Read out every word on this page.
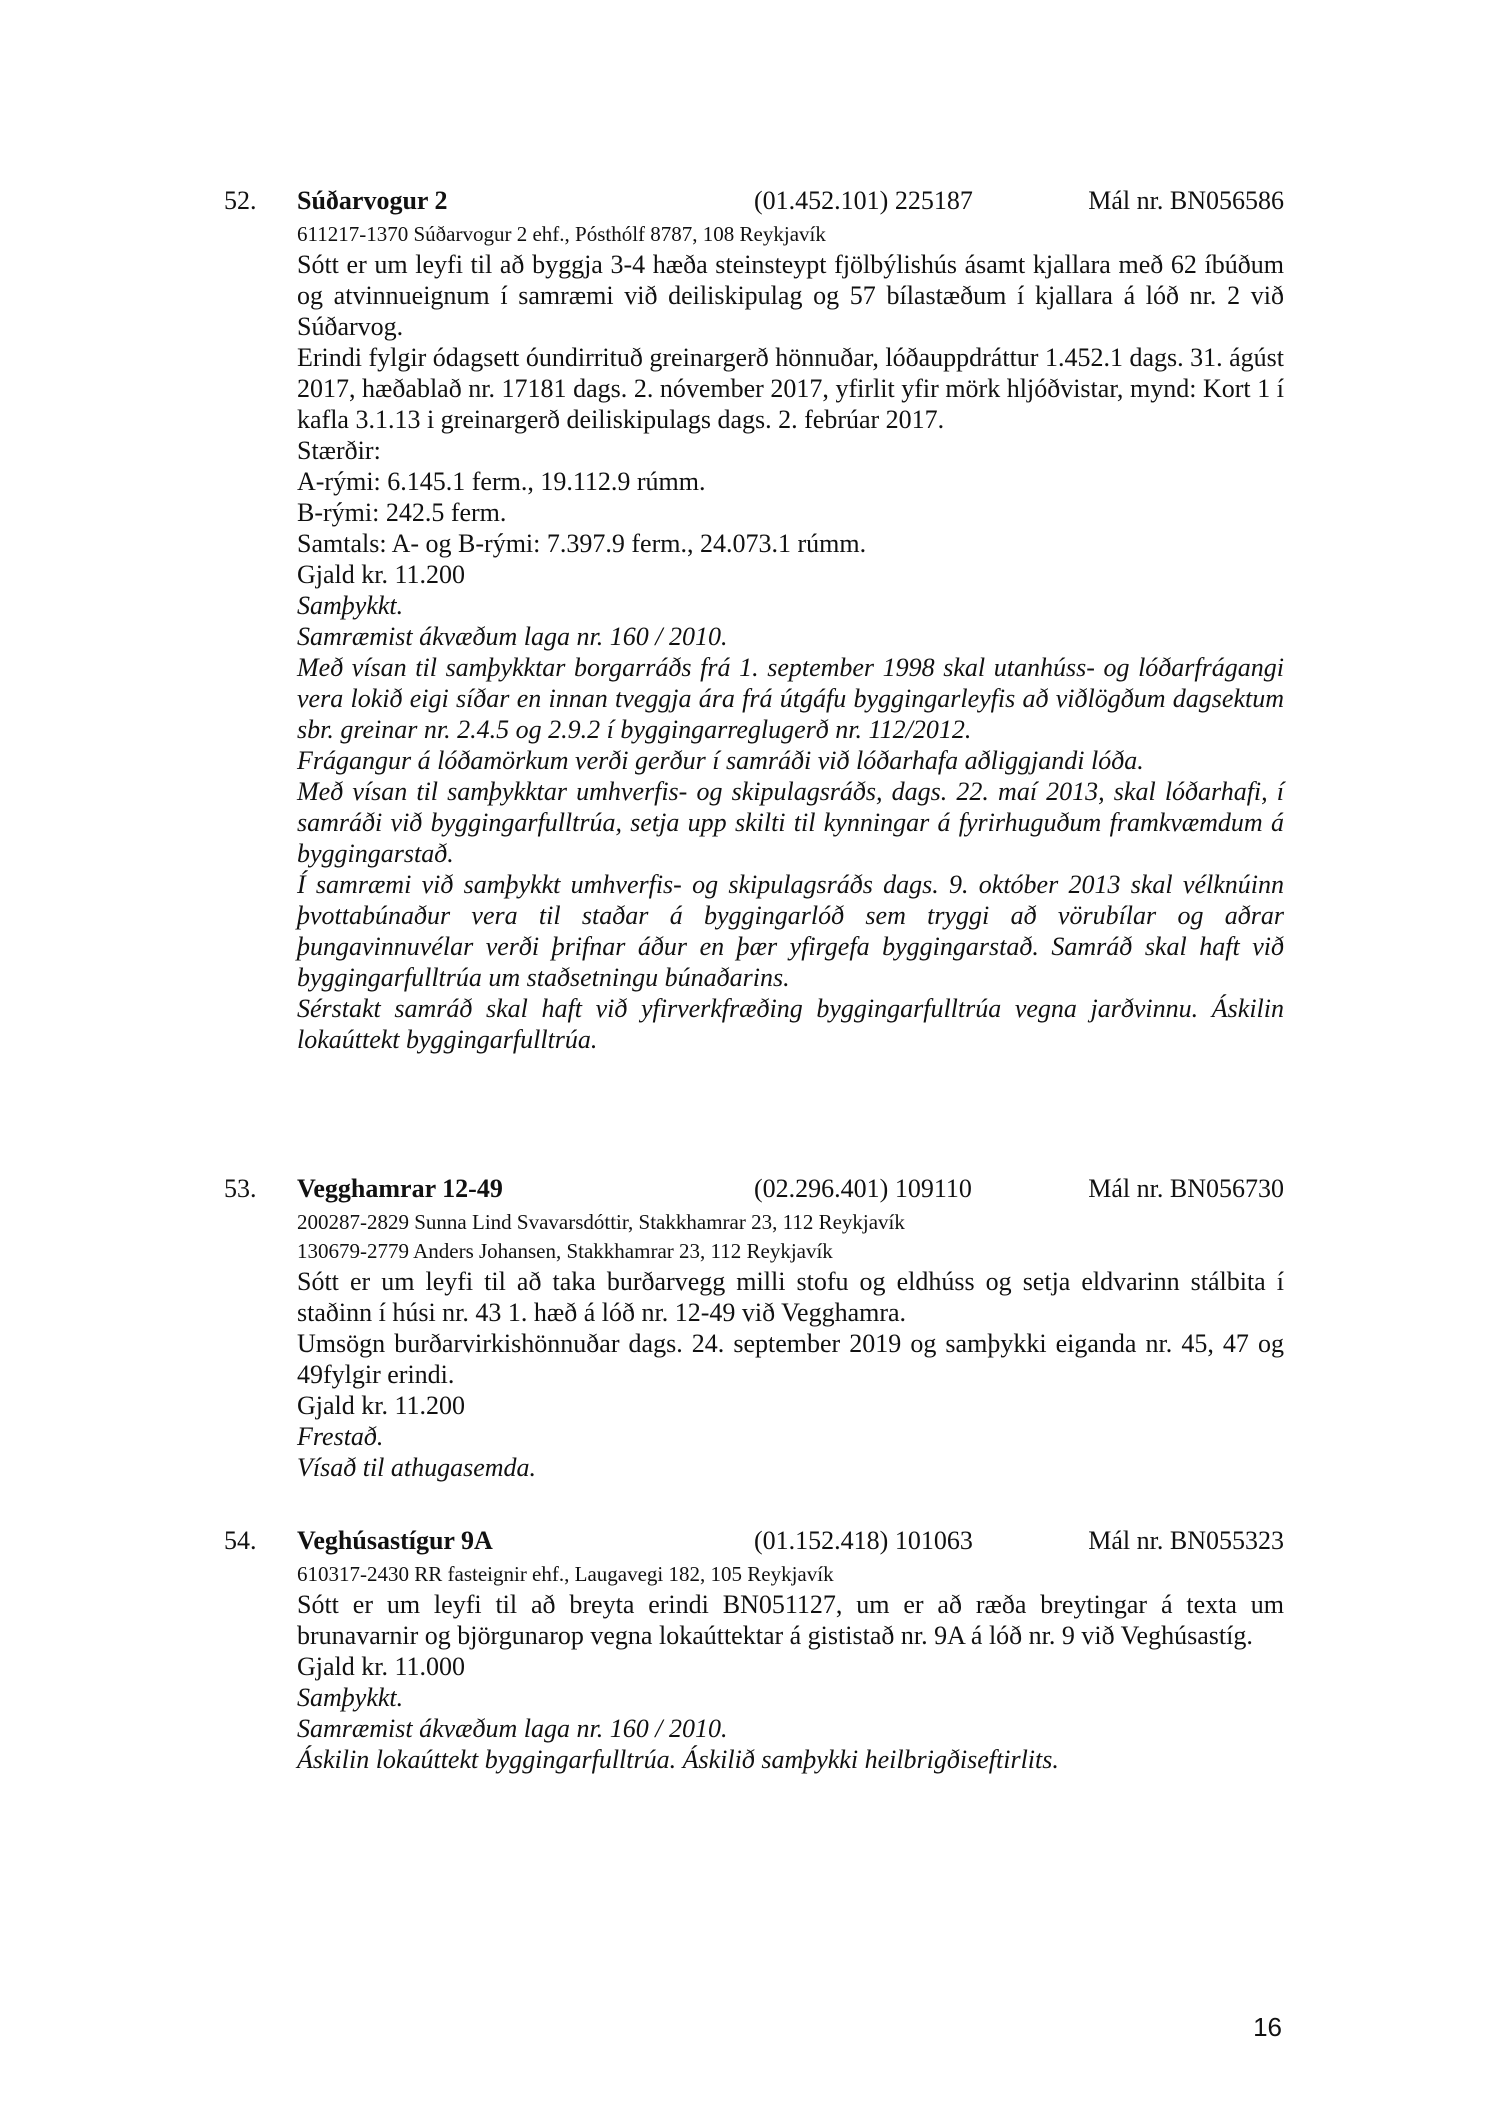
52. Súðarvogur 2	(01.452.101) 225187	Mál nr. BN056586
611217-1370 Súðarvogur 2 ehf., Pósthólf 8787, 108 Reykjavík
Sótt er um leyfi til að byggja 3-4 hæða steinsteypt fjölbýlishús ásamt kjallara með 62 íbúðum og atvinnueignum í samræmi við deiliskipulag og 57 bílastæðum í kjallara á lóð nr. 2 við Súðarvog.
Erindi fylgir ódagsett óundirrituð greinargerð hönnuðar, lóðauppdráttur 1.452.1 dags. 31. ágúst 2017, hæðablað nr. 17181 dags. 2. nóvember 2017, yfirlit yfir mörk hljóðvistar, mynd: Kort 1 í kafla 3.1.13 i greinargerð deiliskipulags dags. 2. febrúar 2017.
Stærðir:
A-rými: 6.145.1 ferm., 19.112.9 rúmm.
B-rými: 242.5 ferm.
Samtals: A- og B-rými: 7.397.9 ferm., 24.073.1 rúmm.
Gjald kr. 11.200
Samþykkt.
Samræmist ákvæðum laga nr. 160 / 2010.
Með vísan til samþykktar borgarráðs frá 1. september 1998 skal utanhúss- og lóðarfrágangi vera lokið eigi síðar en innan tveggja ára frá útgáfu byggingarleyfis að viðlögðum dagsektum sbr. greinar nr. 2.4.5 og 2.9.2 í byggingarreglugerð nr. 112/2012.
Frágangur á lóðamörkum verði gerður í samráði við lóðarhafa aðliggjandi lóða.
Með vísan til samþykktar umhverfis- og skipulagsráðs, dags. 22. maí 2013, skal lóðarhafi, í samráði við byggingarfulltrúa, setja upp skilti til kynningar á fyrirhuguðum framkvæmdum á byggingarstað.
Í samræmi við samþykkt umhverfis- og skipulagsráðs dags. 9. október 2013 skal vélknúinn þvottabúnaður vera til staðar á byggingarlóð sem tryggi að vörubílar og aðrar þungavinnuvélar verði þrifnar áður en þær yfirgefa byggingarstað. Samráð skal haft við byggingarfulltrúa um staðsetningu búnaðarins.
Sérstakt samráð skal haft við yfirverkfræðing byggingarfulltrúa vegna jarðvinnu. Áskilin lokaúttekt byggingarfulltrúa.
53. Vegghamrar 12-49	(02.296.401) 109110	Mál nr. BN056730
200287-2829 Sunna Lind Svavarsdóttir, Stakkhamrar 23, 112 Reykjavík
130679-2779 Anders Johansen, Stakkhamrar 23, 112 Reykjavík
Sótt er um leyfi til að taka burðarvegg milli stofu og eldhúss og setja eldvarinn stálbita í staðinn í húsi nr. 43 1. hæð á lóð nr. 12-49 við Vegghamra.
Umsögn burðarvirkishönnuðar dags. 24. september 2019 og samþykki eiganda nr. 45, 47 og 49fylgir erindi.
Gjald kr. 11.200
Frestað.
Vísað til athugasemda.
54. Veghúsastígur 9A	(01.152.418) 101063	Mál nr. BN055323
610317-2430 RR fasteignir ehf., Laugavegi 182, 105 Reykjavík
Sótt er um leyfi til að breyta erindi BN051127, um er að ræða breytingar á texta um brunavarnir og björgunarop vegna lokaúttektar á gististað nr. 9A á lóð nr. 9 við Veghúsastíg.
Gjald kr. 11.000
Samþykkt.
Samræmist ákvæðum laga nr. 160 / 2010.
Áskilin lokaúttekt byggingarfulltrúa. Áskilið samþykki heilbrigðiseftirlits.
16
